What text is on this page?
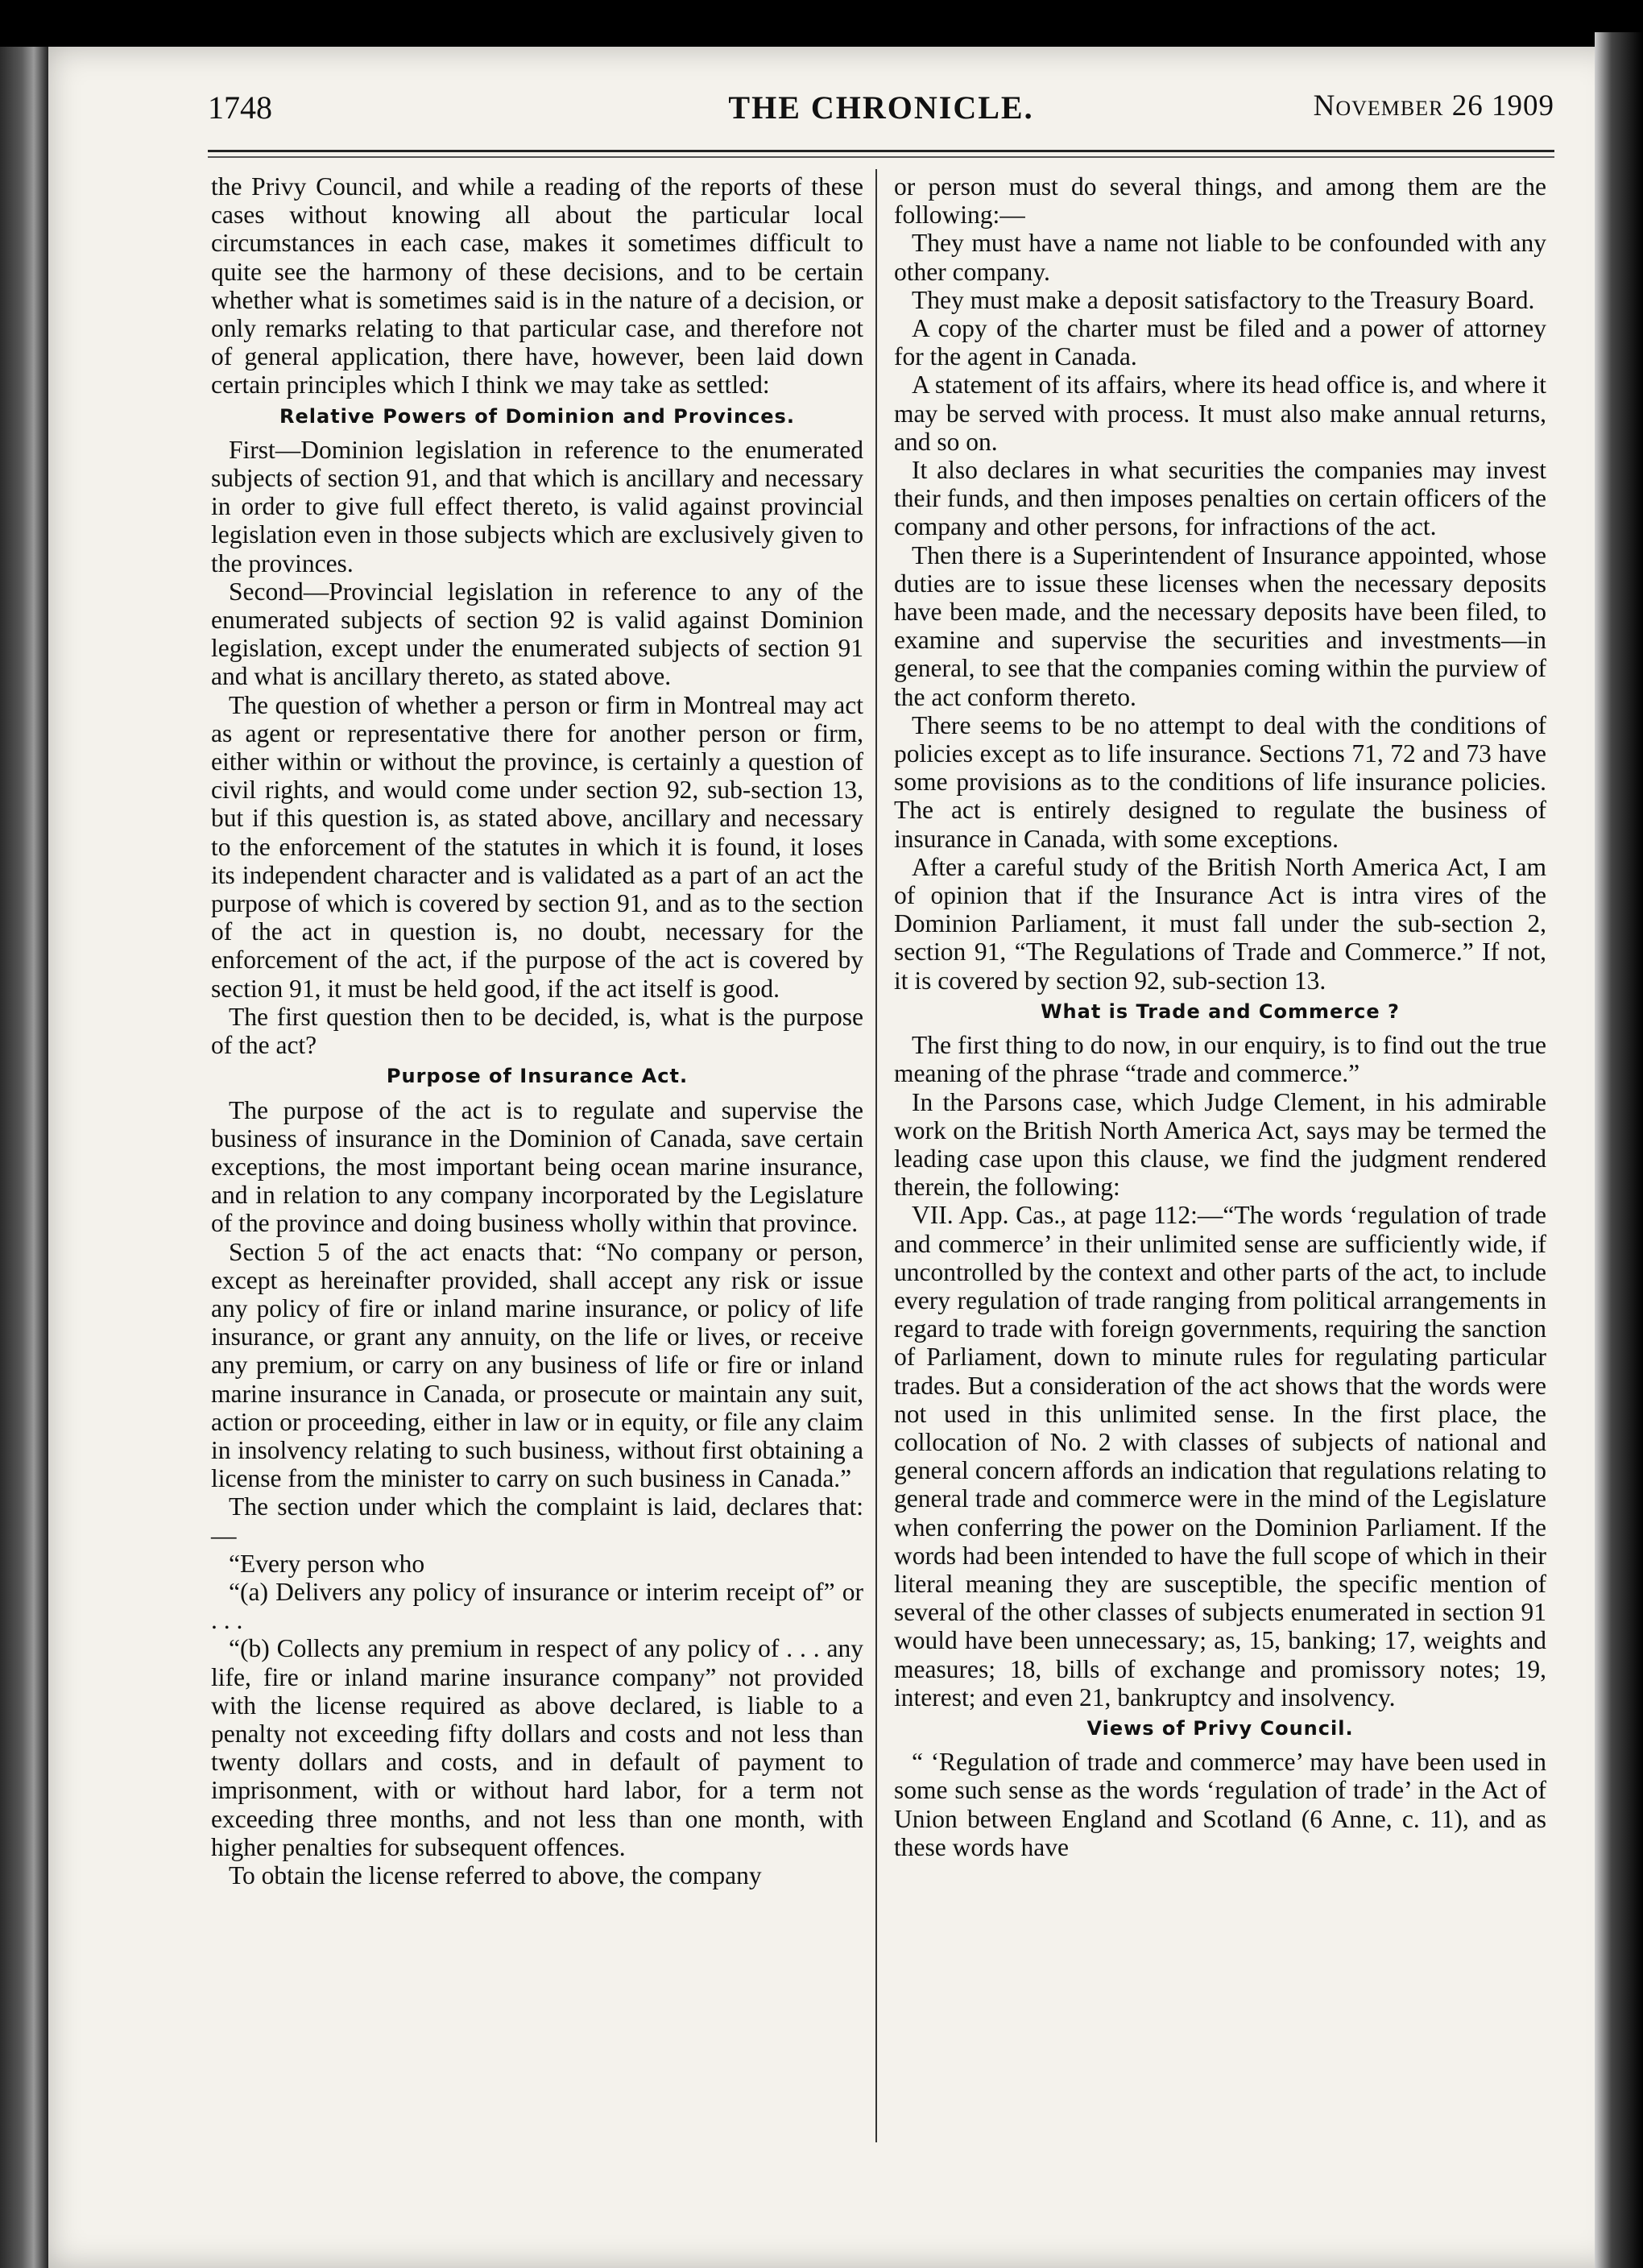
1748	THE CHRONICLE.	November 26 1909

the Privy Council, and while a reading of the reports of these cases without knowing all about the particular local circumstances in each case, makes it sometimes difficult to quite see the harmony of these decisions, and to be certain whether what is sometimes said is in the nature of a decision, or only remarks relating to that particular case, and therefore not of general application, there have, however, been laid down certain principles which I think we may take as settled:

Relative Powers of Dominion and Provinces.

First—Dominion legislation in reference to the enumerated subjects of section 91, and that which is ancillary and necessary in order to give full effect thereto, is valid against provincial legislation even in those subjects which are exclusively given to the provinces.

Second—Provincial legislation in reference to any of the enumerated subjects of section 92 is valid against Dominion legislation, except under the enumerated subjects of section 91 and what is ancillary thereto, as stated above.

The question of whether a person or firm in Montreal may act as agent or representative there for another person or firm, either within or without the province, is certainly a question of civil rights, and would come under section 92, sub-section 13, but if this question is, as stated above, ancillary and necessary to the enforcement of the statutes in which it is found, it loses its independent character and is validated as a part of an act the purpose of which is covered by section 91, and as to the section of the act in question is, no doubt, necessary for the enforcement of the act, if the purpose of the act is covered by section 91, it must be held good, if the act itself is good.

The first question then to be decided, is, what is the purpose of the act?

Purpose of Insurance Act.

The purpose of the act is to regulate and supervise the business of insurance in the Dominion of Canada, save certain exceptions, the most important being ocean marine insurance, and in relation to any company incorporated by the Legislature of the province and doing business wholly within that province.

Section 5 of the act enacts that: “No company or person, except as hereinafter provided, shall accept any risk or issue any policy of fire or inland marine insurance, or policy of life insurance, or grant any annuity, on the life or lives, or receive any premium, or carry on any business of life or fire or inland marine insurance in Canada, or prosecute or maintain any suit, action or proceeding, either in law or in equity, or file any claim in insolvency relating to such business, without first obtaining a license from the minister to carry on such business in Canada.”

The section under which the complaint is laid, declares that:—

“Every person who

“(a) Delivers any policy of insurance or interim receipt of” or . . .

“(b) Collects any premium in respect of any policy of . . . any life, fire or inland marine insurance company” not provided with the license required as above declared, is liable to a penalty not exceeding fifty dollars and costs and not less than twenty dollars and costs, and in default of payment to imprisonment, with or without hard labor, for a term not exceeding three months, and not less than one month, with higher penalties for subsequent offences.

To obtain the license referred to above, the company

or person must do several things, and among them are the following:—

They must have a name not liable to be confounded with any other company.

They must make a deposit satisfactory to the Treasury Board.

A copy of the charter must be filed and a power of attorney for the agent in Canada.

A statement of its affairs, where its head office is, and where it may be served with process. It must also make annual returns, and so on.

It also declares in what securities the companies may invest their funds, and then imposes penalties on certain officers of the company and other persons, for infractions of the act.

Then there is a Superintendent of Insurance appointed, whose duties are to issue these licenses when the necessary deposits have been made, and the necessary deposits have been filed, to examine and supervise the securities and investments—in general, to see that the companies coming within the purview of the act conform thereto.

There seems to be no attempt to deal with the conditions of policies except as to life insurance. Sections 71, 72 and 73 have some provisions as to the conditions of life insurance policies. The act is entirely designed to regulate the business of insurance in Canada, with some exceptions.

After a careful study of the British North America Act, I am of opinion that if the Insurance Act is intra vires of the Dominion Parliament, it must fall under the sub-section 2, section 91, “The Regulations of Trade and Commerce.” If not, it is covered by section 92, sub-section 13.

What is Trade and Commerce ?

The first thing to do now, in our enquiry, is to find out the true meaning of the phrase “trade and commerce.”

In the Parsons case, which Judge Clement, in his admirable work on the British North America Act, says may be termed the leading case upon this clause, we find the judgment rendered therein, the following:

VII. App. Cas., at page 112:—“The words ‘regulation of trade and commerce’ in their unlimited sense are sufficiently wide, if uncontrolled by the context and other parts of the act, to include every regulation of trade ranging from political arrangements in regard to trade with foreign governments, requiring the sanction of Parliament, down to minute rules for regulating particular trades. But a consideration of the act shows that the words were not used in this unlimited sense. In the first place, the collocation of No. 2 with classes of subjects of national and general concern affords an indication that regulations relating to general trade and commerce were in the mind of the Legislature when conferring the power on the Dominion Parliament. If the words had been intended to have the full scope of which in their literal meaning they are susceptible, the specific mention of several of the other classes of subjects enumerated in section 91 would have been unnecessary; as, 15, banking; 17, weights and measures; 18, bills of exchange and promissory notes; 19, interest; and even 21, bankruptcy and insolvency.

Views of Privy Council.

“ ‘Regulation of trade and commerce’ may have been used in some such sense as the words ‘regulation of trade’ in the Act of Union between England and Scotland (6 Anne, c. 11), and as these words have
